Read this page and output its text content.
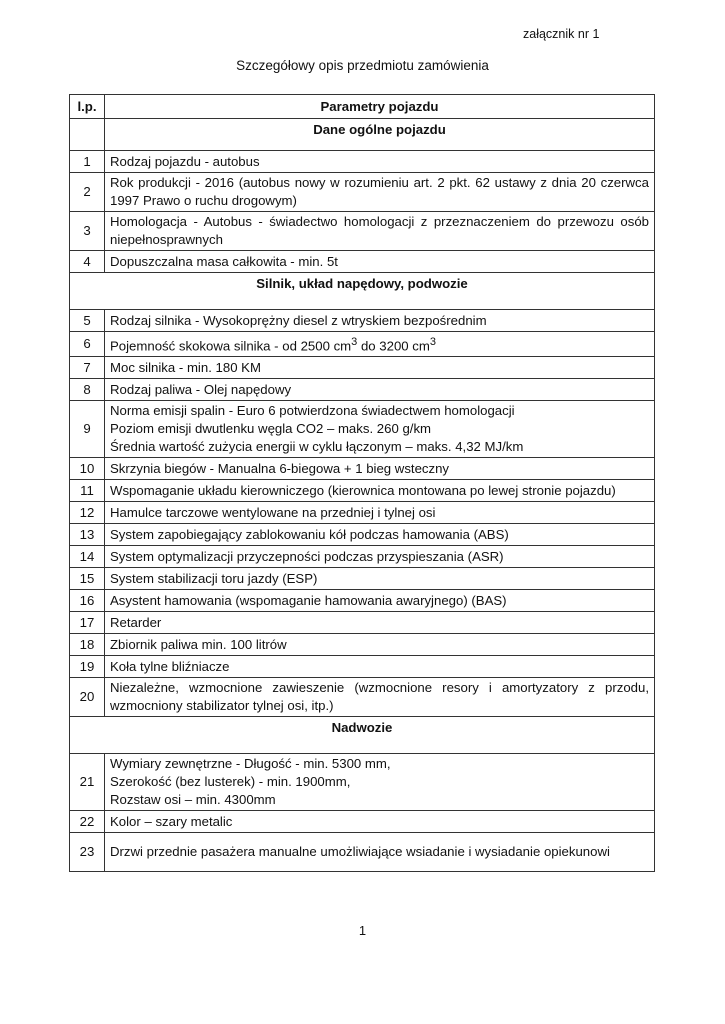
załącznik nr 1
Szczegółowy opis przedmiotu zamówienia
l.p.	Parametry pojazdu
	Dane ogólne pojazdu
1	Rodzaj pojazdu - autobus
2	Rok produkcji - 2016 (autobus nowy w rozumieniu art. 2 pkt. 62 ustawy z dnia 20 czerwca 1997 Prawo o ruchu drogowym)
3	Homologacja - Autobus - świadectwo homologacji z przeznaczeniem do przewozu osób niepełnosprawnych
4	Dopuszczalna masa całkowita - min. 5t
Silnik, układ napędowy, podwozie	
5	Rodzaj silnika - Wysokoprężny diesel z wtryskiem bezpośrednim
6	Pojemność skokowa silnika - od 2500 $cm^3$ do 3200 $cm^3$
7	Moc silnika - min. 180 KM
8	Rodzaj paliwa - Olej napędowy
9	Norma emisji spalin - Euro 6 potwierdzona świadectwem homologacji
Poziom emisji dwutlenku węgla CO2 – maks. 260 g/km
Średnia wartość zużycia energii w cyklu łączonym – maks. 4,32 MJ/km

10	Skrzynia biegów - Manualna 6-biegowa + 1 bieg wsteczny
11	Wspomaganie układu kierowniczego (kierownica montowana po lewej stronie pojazdu)
12	Hamulce tarczowe wentylowane na przedniej i tylnej osi
13	System zapobiegający zablokowaniu kół podczas hamowania (ABS)
14	System optymalizacji przyczepności podczas przyspieszania (ASR)
15	System stabilizacji toru jazdy (ESP)
16	Asystent hamowania (wspomaganie hamowania awaryjnego) (BAS)
17	Retarder
18	Zbiornik paliwa min. 100 litrów
19	Koła tylne bliźniacze
20	Niezależne, wzmocnione zawieszenie (wzmocnione resory i amortyzatory z przodu, wzmocniony stabilizator tylnej osi, itp.)
Nadwozie	
21	Wymiary zewnętrzne - Długość - min. 5300 mm,
Szerokość (bez lusterek) - min. 1900mm,
Rozstaw osi – min. 4300mm

22	Kolor – szary metalic
23	Drzwi przednie pasażera manualne umożliwiające wsiadanie i wysiadanie opiekunowi
1
